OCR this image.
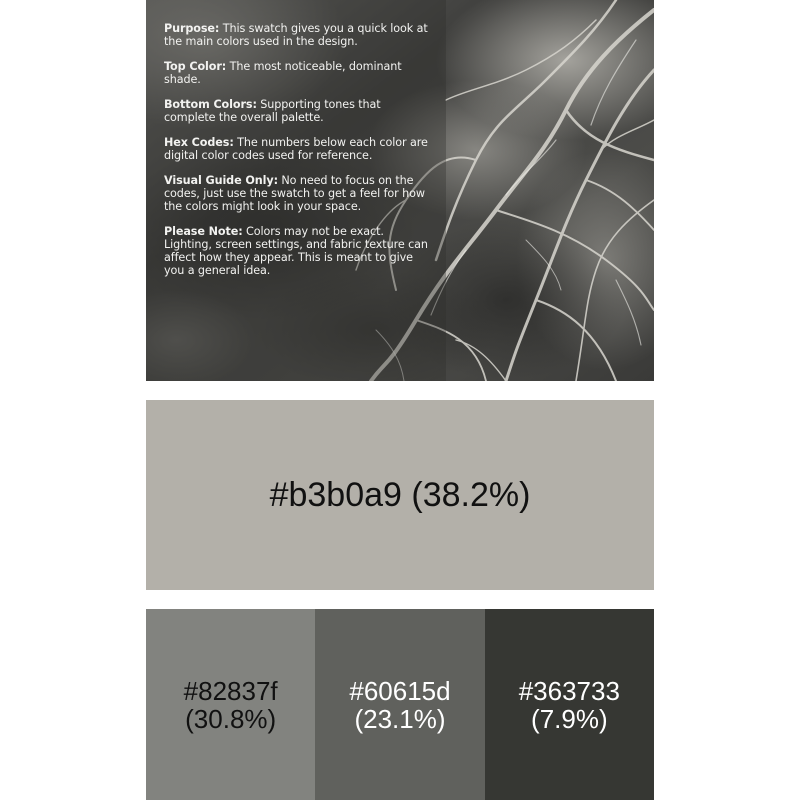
Purpose: This swatch gives you a quick look at the main colors used in the design.

Top Color: The most noticeable, dominant shade.

Bottom Colors: Supporting tones that complete the overall palette.

Hex Codes: The numbers below each color are digital color codes used for reference.

Visual Guide Only: No need to focus on the codes, just use the swatch to get a feel for how the colors might look in your space.

Please Note: Colors may not be exact. Lighting, screen settings, and fabric texture can affect how they appear. This is meant to give you a general idea.

#b3b0a9 (38.2%)
#82837f
(30.8%)
#60615d
(23.1%)
#363733
(7.9%)
